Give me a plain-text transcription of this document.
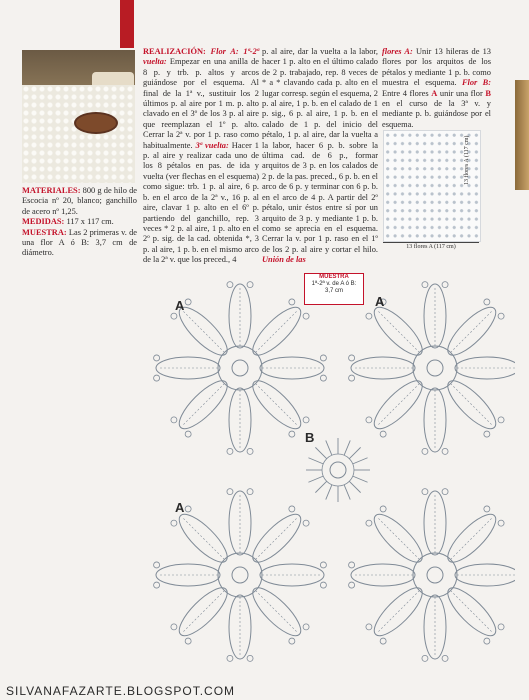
MATERIALES: 800 g de hilo de Escocia nº 20, blanco; ganchillo de acero nº 1,25.

MEDIDAS: 117 x 117 cm.

MUESTRA: Las 2 primeras v. de una flor A ó B: 3,7 cm de diámetro.

REALIZACIÓN: Flor A: 1ª-2ª vuelta: Empezar en una anilla de 8 p. y trb. p. altos y arcos guiándose por el esquema. Al final de la 1ª v., sustituir los 2 últimos p. al aire por 1 m. p. alto clavado en el 3º de los 3 p. al aire que reemplazan el 1º p. alto. Cerrar la 2ª v. por 1 p. raso como habitualmente. 3ª vuelta: Hacer 1 p. al aire y realizar cada uno de los 8 pétalos en pas. de ida y vuelta (ver flechas en el esquema) como sigue: trb. 1 p. al aire, 6 p. b. en el arco de la 2ª v., 16 p. al aire, clavar 1 p. alto en el 6º p. partiendo del ganchillo, rep. 3 veces * 2 p. al aire, 1 p. alto en el 2º p. sig. de la cad. obtenida *, 3 p. al aire, 1 p. b. en el mismo arco de la 2ª v. que los preced., 4

p. al aire, dar la vuelta a la labor, hacer 1 p. alto en el último calado de 2 p. trabajado, rep. 8 veces de * a * clavando cada p. alto en el lugar corresp. según el esquema, 2 p. al aire, 1 p. b. en el calado de 1 p. sig., 6 p. al aire, 1 p. b. en el calado de 1 p. del inicio del pétalo, 1 p. al aire, dar la vuelta a la labor, hacer 6 p. b. sobre la última cad. de 6 p., formar arquitos de 3 p. en los calados de 2 p. de la pas. preced., 6 p. b. en el arco de 6 p. y terminar con 6 p. b. en el arco de 4 p. A partir del 2º pétalo, unir éstos entre sí por un arquito de 3 p. y mediante 1 p. b. como se aprecia en el esquema. Cerrar la v. por 1 p. raso en el 1º de los 2 p. al aire y cortar el hilo. Unión de las

flores A: Unir 13 hileras de 13 flores por los arquitos de los pétalos y mediante 1 p. b. como muestra el esquema. Flor B: Entre 4 flores A unir una flor B en el curso de la 3ª v. y mediante p. b. guiándose por el esquema.

13 flores A (117 cm)
13 flores A (117 cm)
MUESTRA
1ª-2ª v. de A ó B:
3,7 cm
A	A
A
B
SILVANAFAZARTE.BLOGSPOT.COM
